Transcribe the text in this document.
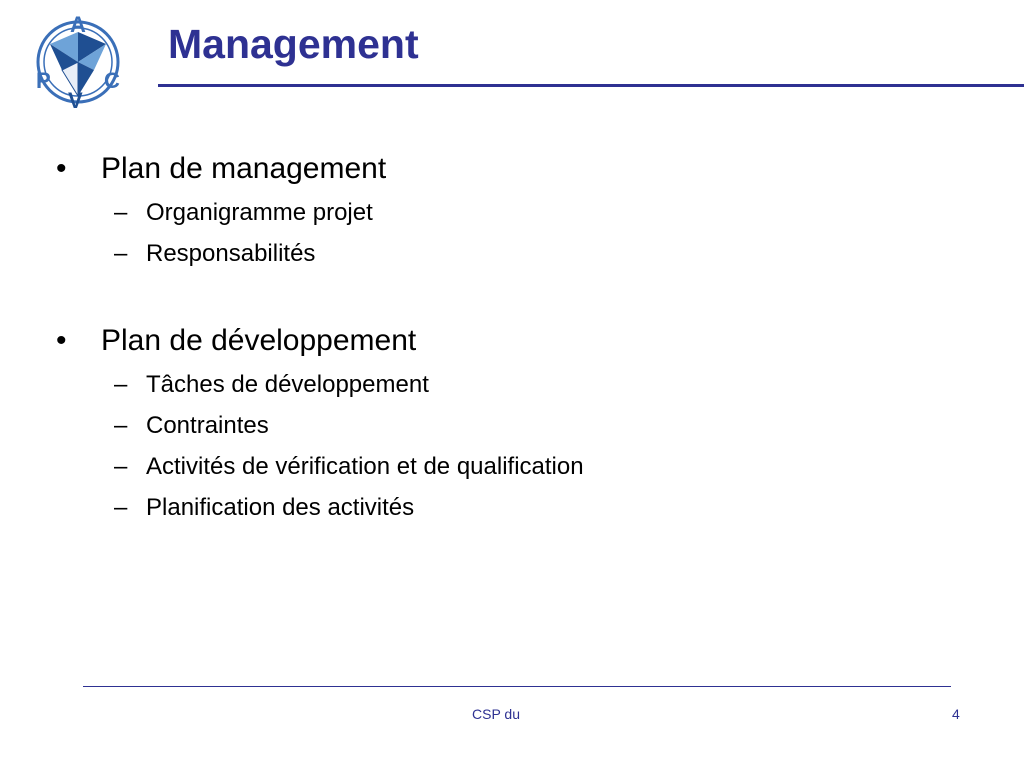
A
P
V
C
Management
• Plan de management
– Organigramme projet
– Responsabilités
• Plan de développement
– Tâches de développement
– Contraintes
– Activités de vérification et de qualification
– Planification des activités
CSP du	4
